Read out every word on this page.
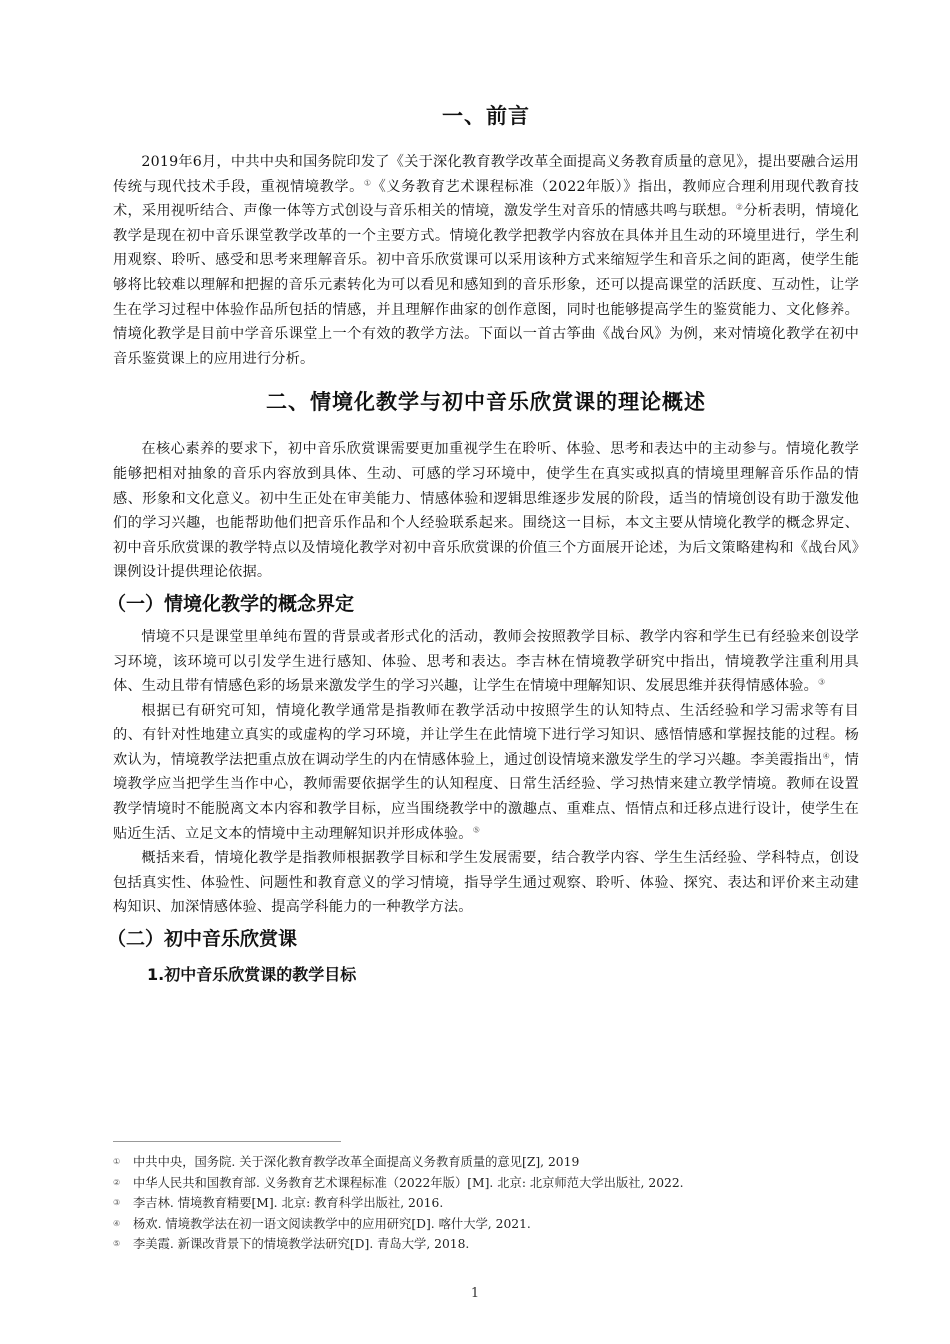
一、前言

2019年6月，中共中央和国务院印发了《关于深化教育教学改革全面提高义务教育质量的意见》，提出要融合运用传统与现代技术手段，重视情境教学。①《义务教育艺术课程标准（2022年版）》指出，教师应合理利用现代教育技术，采用视听结合、声像一体等方式创设与音乐相关的情境，激发学生对音乐的情感共鸣与联想。②分析表明，情境化教学是现在初中音乐课堂教学改革的一个主要方式。情境化教学把教学内容放在具体并且生动的环境里进行，学生利用观察、聆听、感受和思考来理解音乐。初中音乐欣赏课可以采用该种方式来缩短学生和音乐之间的距离，使学生能够将比较难以理解和把握的音乐元素转化为可以看见和感知到的音乐形象，还可以提高课堂的活跃度、互动性，让学生在学习过程中体验作品所包括的情感，并且理解作曲家的创作意图，同时也能够提高学生的鉴赏能力、文化修养。情境化教学是目前中学音乐课堂上一个有效的教学方法。下面以一首古筝曲《战台风》为例，来对情境化教学在初中音乐鉴赏课上的应用进行分析。

二、情境化教学与初中音乐欣赏课的理论概述

在核心素养的要求下，初中音乐欣赏课需要更加重视学生在聆听、体验、思考和表达中的主动参与。情境化教学能够把相对抽象的音乐内容放到具体、生动、可感的学习环境中，使学生在真实或拟真的情境里理解音乐作品的情感、形象和文化意义。初中生正处在审美能力、情感体验和逻辑思维逐步发展的阶段，适当的情境创设有助于激发他们的学习兴趣，也能帮助他们把音乐作品和个人经验联系起来。围绕这一目标，本文主要从情境化教学的概念界定、初中音乐欣赏课的教学特点以及情境化教学对初中音乐欣赏课的价值三个方面展开论述，为后文策略建构和《战台风》课例设计提供理论依据。

（一）情境化教学的概念界定

情境不只是课堂里单纯布置的背景或者形式化的活动，教师会按照教学目标、教学内容和学生已有经验来创设学习环境，该环境可以引发学生进行感知、体验、思考和表达。李吉林在情境教学研究中指出，情境教学注重利用具体、生动且带有情感色彩的场景来激发学生的学习兴趣，让学生在情境中理解知识、发展思维并获得情感体验。③

根据已有研究可知，情境化教学通常是指教师在教学活动中按照学生的认知特点、生活经验和学习需求等有目的、有针对性地建立真实的或虚构的学习环境，并让学生在此情境下进行学习知识、感悟情感和掌握技能的过程。杨欢认为，情境教学法把重点放在调动学生的内在情感体验上，通过创设情境来激发学生的学习兴趣。李美霞指出④，情境教学应当把学生当作中心，教师需要依据学生的认知程度、日常生活经验、学习热情来建立教学情境。教师在设置教学情境时不能脱离文本内容和教学目标，应当围绕教学中的激趣点、重难点、悟情点和迁移点进行设计，使学生在贴近生活、立足文本的情境中主动理解知识并形成体验。⑤

概括来看，情境化教学是指教师根据教学目标和学生发展需要，结合教学内容、学生生活经验、学科特点，创设包括真实性、体验性、问题性和教育意义的学习情境，指导学生通过观察、聆听、体验、探究、表达和评价来主动建构知识、加深情感体验、提高学科能力的一种教学方法。

（二）初中音乐欣赏课
1.初中音乐欣赏课的教学目标
① 中共中央，国务院. 关于深化教育教学改革全面提高义务教育质量的意见[Z], 2019
② 中华人民共和国教育部. 义务教育艺术课程标准（2022年版）[M]. 北京: 北京师范大学出版社, 2022.
③ 李吉林. 情境教育精要[M]. 北京: 教育科学出版社, 2016.
④ 杨欢. 情境教学法在初一语文阅读教学中的应用研究[D]. 喀什大学, 2021.
⑤ 李美霞. 新课改背景下的情境教学法研究[D]. 青岛大学, 2018.
1
